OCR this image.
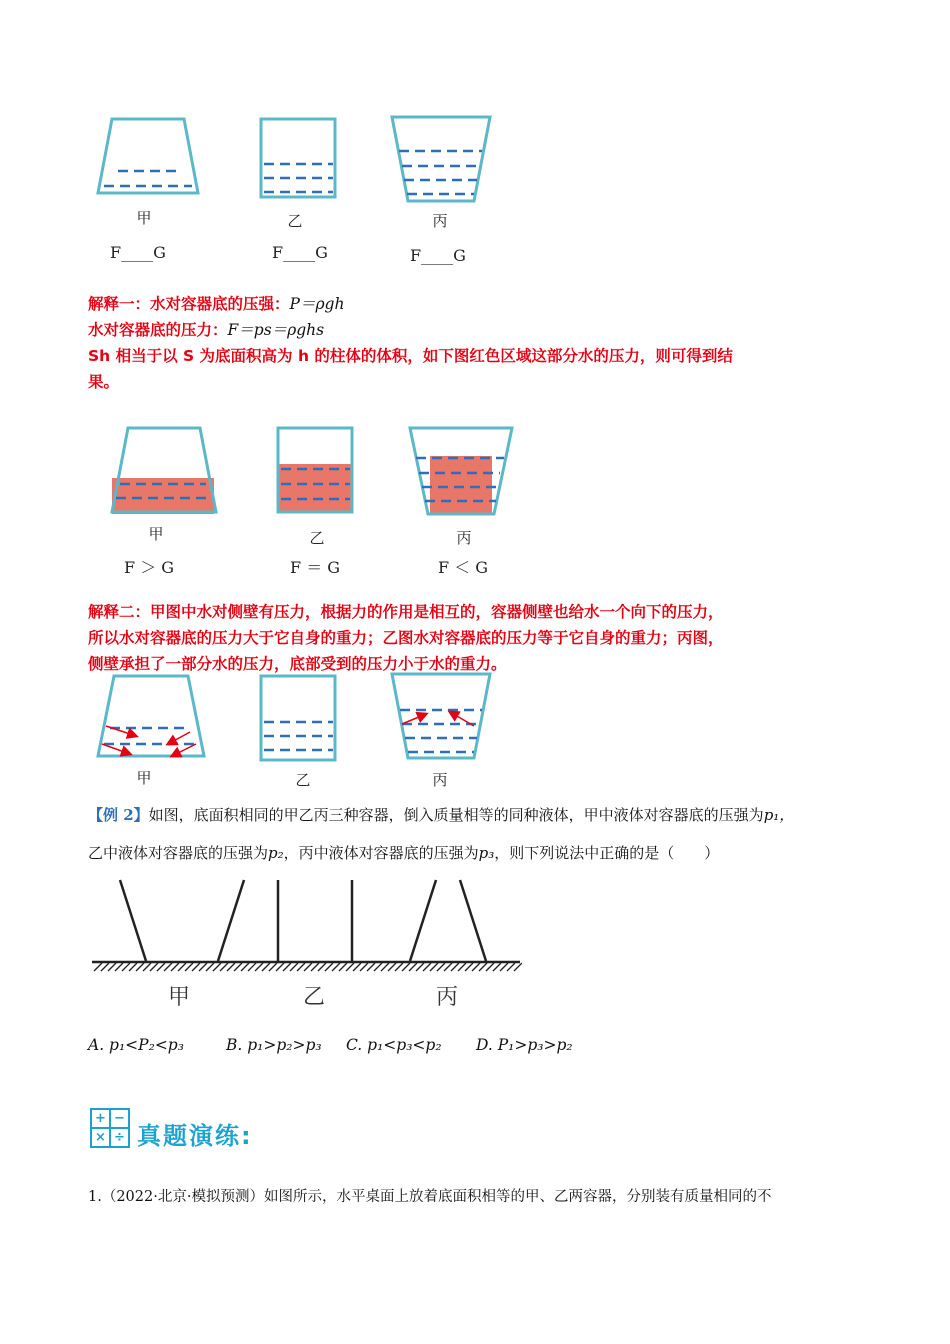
甲	乙	丙
F____G	F____G	F____G
解释一：水对容器底的压强：P＝ρgh
水对容器底的压力：F＝ps＝ρghs
Sh 相当于以 S 为底面积高为 h 的柱体的体积，如下图红色区域这部分水的压力，则可得到结
果。
甲	乙	丙
F ＞ G	F ＝ G	F ＜ G
解释二：甲图中水对侧壁有压力，根据力的作用是相互的，容器侧壁也给水一个向下的压力，
所以水对容器底的压力大于它自身的重力；乙图水对容器底的压力等于它自身的重力；丙图，
侧壁承担了一部分水的压力，底部受到的压力小于水的重力。
甲	乙	丙
【例 2】如图，底面积相同的甲乙丙三种容器，倒入质量相等的同种液体，甲中液体对容器底的压强为p₁，
乙中液体对容器底的压强为p₂，丙中液体对容器底的压强为p₃，则下列说法中正确的是（　　）
甲	乙	丙
A. p₁<P₂<p₃	B. p₁>p₂>p₃ C. p₁<p₃<p₂ D. P₁>p₃>p₂
+ −
× ÷ 真题演练:
1.（2022·北京·模拟预测）如图所示，水平桌面上放着底面积相等的甲、乙两容器，分别装有质量相同的不
